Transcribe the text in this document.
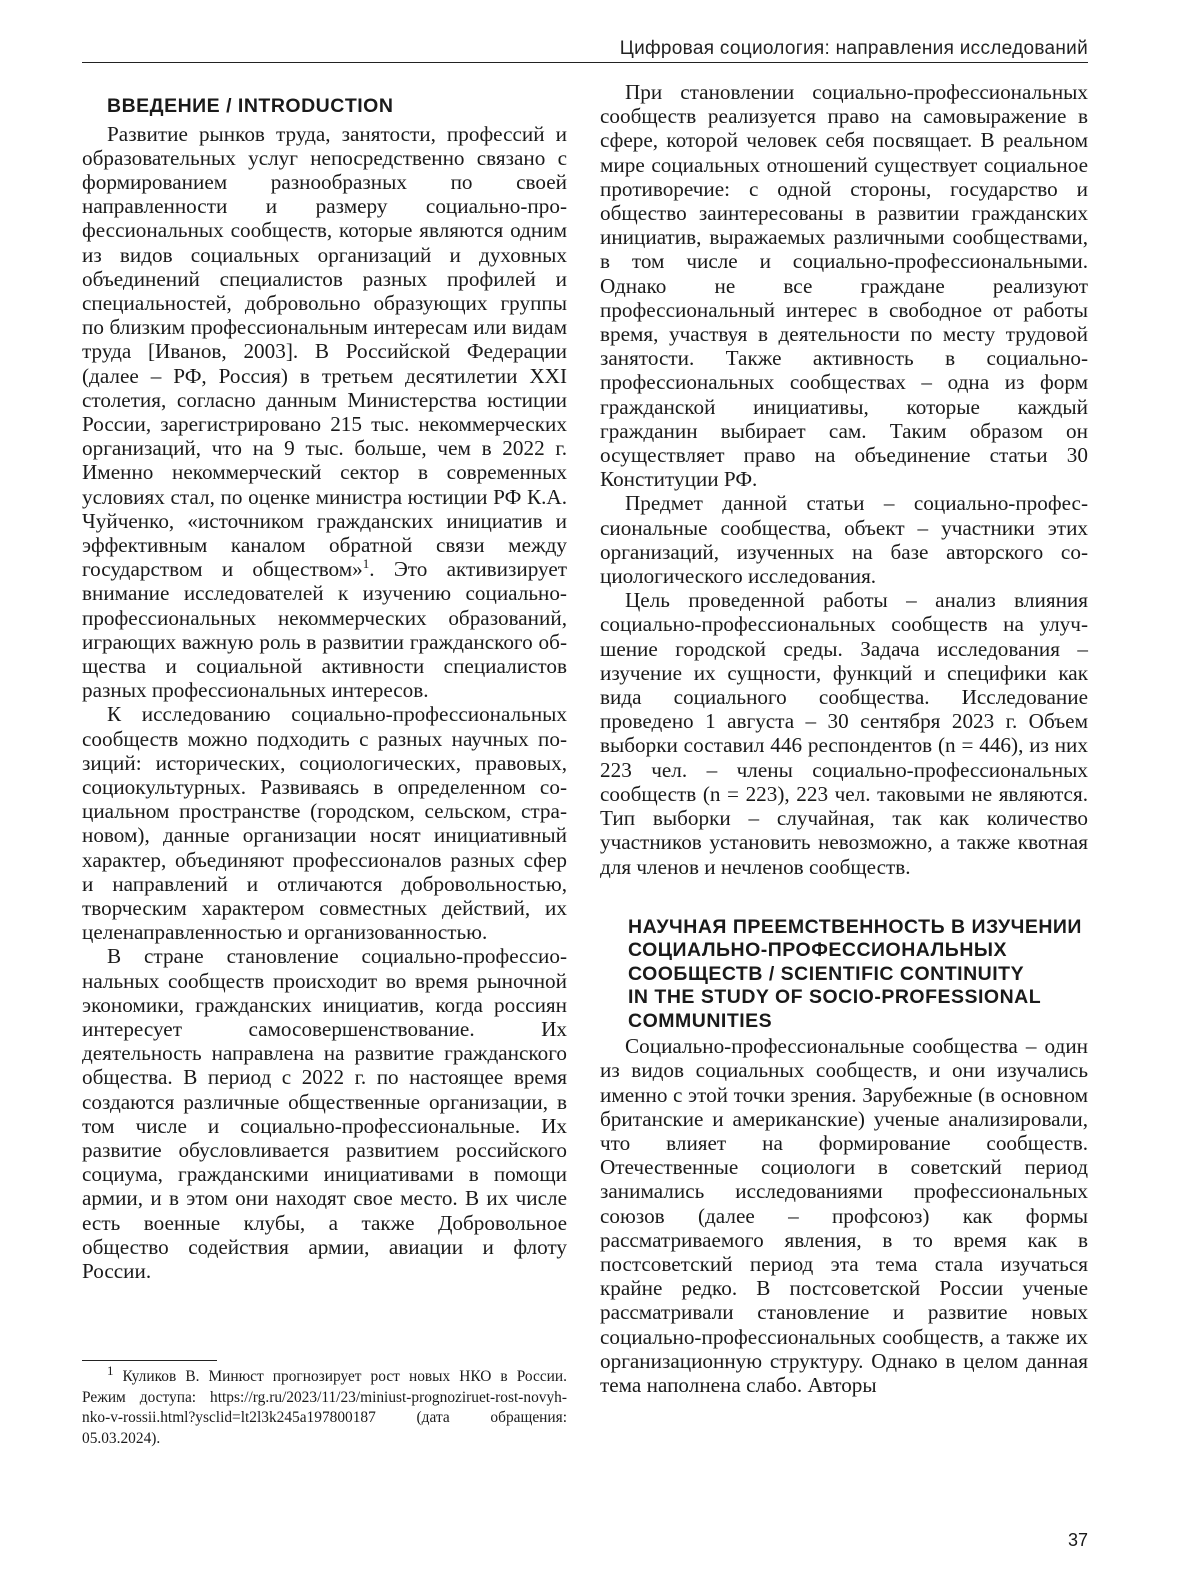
Цифровая социология: направления исследований
ВВЕДЕНИЕ / INTRODUCTION

Развитие рынков труда, занятости, профессий и образовательных услуг непосредственно связано с формированием разнообразных по своей направленности и размеру социально-профессиональных сообществ, которые являются одним из видов социальных организаций и духовных объединений специалистов разных профилей и специальностей, добровольно образующих группы по близким профессиональным интересам или видам труда [Иванов, 2003]. В Российской Федерации (далее – РФ, Россия) в третьем десятилетии XXI столетия, согласно данным Министерства юстиции России, зарегистрировано 215 тыс. некоммерческих организаций, что на 9 тыс. больше, чем в 2022 г. Именно некоммерческий сектор в современных условиях стал, по оценке министра юстиции РФ К.А. Чуйченко, «источником гражданских инициатив и эффективным каналом обратной связи между государством и обществом»$^1$. Это активизирует внимание исследователей к изучению социально-профессиональных некоммерческих образований, играющих важную роль в развитии гражданского общества и социальной активности специалистов разных профессиональных интересов.

К исследованию социально-профессиональных сообществ можно подходить с разных научных позиций: исторических, социологических, правовых, социокультурных. Развиваясь в определенном социальном пространстве (городском, сельском, страновом), данные организации носят инициативный характер, объединяют профессионалов разных сфер и направлений и отличаются добровольностью, творческим характером совместных действий, их целенаправленностью и организованностью.

В стране становление социально-профессиональных сообществ происходит во время рыночной экономики, гражданских инициатив, когда россиян интересует самосовершенствование. Их деятельность направлена на развитие гражданского общества. В период с 2022 г. по настоящее время создаются различные общественные организации, в том числе и социально-профессиональные. Их развитие обусловливается развитием российского социума, гражданскими инициативами в помощи армии, и в этом они находят свое место. В их числе есть военные клубы, а также Добровольное общество содействия армии, авиации и флоту России.

При становлении социально-профессиональных сообществ реализуется право на самовыражение в сфере, которой человек себя посвящает. В реальном мире социальных отношений существует социальное противоречие: с одной стороны, государство и общество заинтересованы в развитии гражданских инициатив, выражаемых различными сообществами, в том числе и социально-профессиональными. Однако не все граждане реализуют профессиональный интерес в свободное от работы время, участвуя в деятельности по месту трудовой занятости. Также активность в социально-профессиональных сообществах – одна из форм гражданской инициативы, которые каждый гражданин выбирает сам. Таким образом он осуществляет право на объединение статьи 30 Конституции РФ.

Предмет данной статьи – социально-профессиональные сообщества, объект – участники этих организаций, изученных на базе авторского социологического исследования.

Цель проведенной работы – анализ влияния социально-профессиональных сообществ на улучшение городской среды. Задача исследования – изучение их сущности, функций и специфики как вида социального сообщества. Исследование проведено 1 августа – 30 сентября 2023 г. Объем выборки составил 446 респондентов (n = 446), из них 223 чел. – члены социально-профессиональных сообществ (n = 223), 223 чел. таковыми не являются. Тип выборки – случайная, так как количество участников установить невозможно, а также квотная для членов и нечленов сообществ.

НАУЧНАЯ ПРЕЕМСТВЕННОСТЬ В ИЗУЧЕНИИ
СОЦИАЛЬНО-ПРОФЕССИОНАЛЬНЫХ
СООБЩЕСТВ / SCIENTIFIC CONTINUITY
IN THE STUDY OF SOCIO-PROFESSIONAL
COMMUNITIES

Социально-профессиональные сообщества – один из видов социальных сообществ, и они изучались именно с этой точки зрения. Зарубежные (в основном британские и американские) ученые анализировали, что влияет на формирование сообществ. Отечественные социологи в советский период занимались исследованиями профессиональных союзов (далее – профсоюз) как формы рассматриваемого явления, в то время как в постсоветский период эта тема стала изучаться крайне редко. В постсоветской России ученые рассматривали становление и развитие новых социально-профессиональных сообществ, а также их организационную структуру. Однако в целом данная тема наполнена слабо. Авторы

$^1$ Куликов В. Минюст прогнозирует рост новых НКО в России. Режим доступа: https://rg.ru/2023/11/23/miniust-prognoziruet-rost-novyh-nko-v-rossii.html?ysclid=lt2l3k245a197800187 (дата обращения: 05.03.2024).

37
